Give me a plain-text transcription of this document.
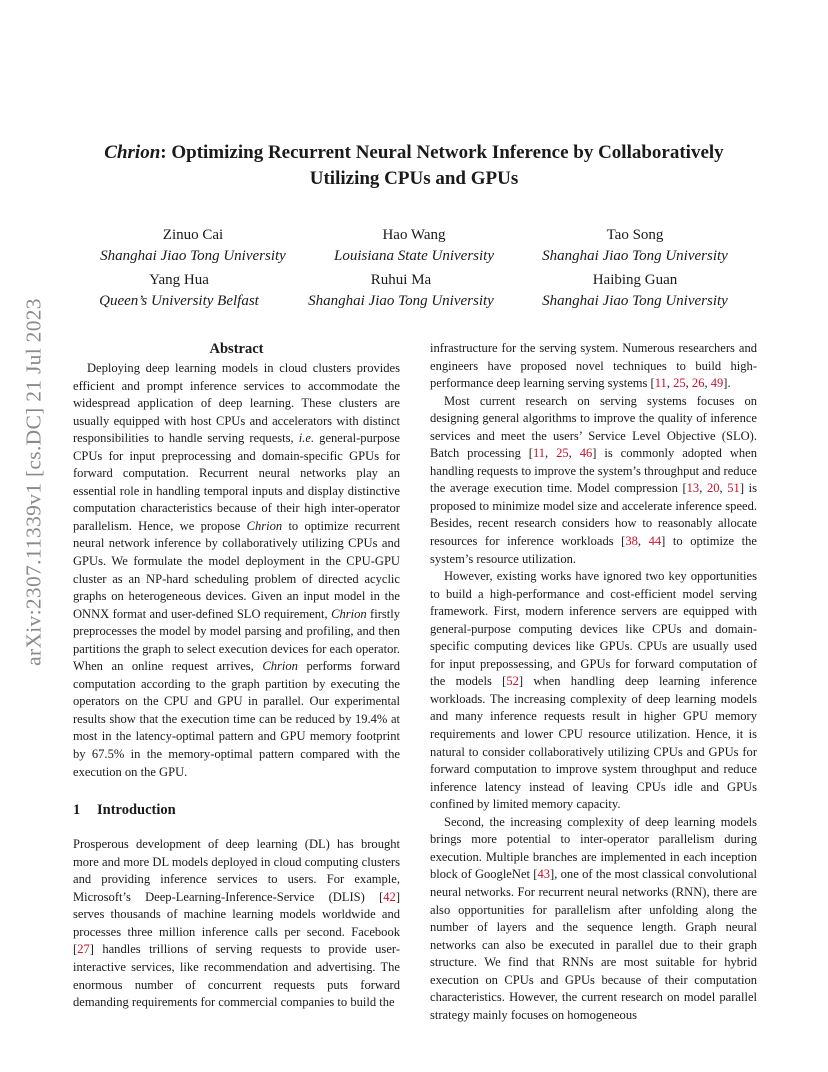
arXiv:2307.11339v1 [cs.DC] 21 Jul 2023
Chrion: Optimizing Recurrent Neural Network Inference by Collaboratively
Utilizing CPUs and GPUs
Zinuo Cai
Shanghai Jiao Tong University
Hao Wang
Louisiana State University
Tao Song
Shanghai Jiao Tong University
Yang Hua
Queen’s University Belfast
Ruhui Ma
Shanghai Jiao Tong University
Haibing Guan
Shanghai Jiao Tong University
Abstract

Deploying deep learning models in cloud clusters provides efficient and prompt inference services to accommodate the widespread application of deep learning. These clusters are usually equipped with host CPUs and accelerators with distinct responsibilities to handle serving requests, i.e. general-purpose CPUs for input preprocessing and domain-specific GPUs for forward computation. Recurrent neural networks play an essential role in handling temporal inputs and display distinctive computation characteristics because of their high inter-operator parallelism. Hence, we propose Chrion to optimize recurrent neural network inference by collaboratively utilizing CPUs and GPUs. We formulate the model deployment in the CPU-GPU cluster as an NP-hard scheduling problem of directed acyclic graphs on heterogeneous devices. Given an input model in the ONNX format and user-defined SLO requirement, Chrion firstly preprocesses the model by model parsing and profiling, and then partitions the graph to select execution devices for each operator. When an online request arrives, Chrion performs forward computation according to the graph partition by executing the operators on the CPU and GPU in parallel. Our experimental results show that the execution time can be reduced by 19.4% at most in the latency-optimal pattern and GPU memory footprint by 67.5% in the memory-optimal pattern compared with the execution on the GPU.

1 Introduction

Prosperous development of deep learning (DL) has brought more and more DL models deployed in cloud computing clusters and providing inference services to users. For example, Microsoft’s Deep-Learning-Inference-Service (DLIS) [42] serves thousands of machine learning models worldwide and processes three million inference calls per second. Facebook [27] handles trillions of serving requests to provide user-interactive services, like recommendation and advertising. The enormous number of concurrent requests puts forward demanding requirements for commercial companies to build the

infrastructure for the serving system. Numerous researchers and engineers have proposed novel techniques to build high-performance deep learning serving systems [11, 25, 26, 49].

Most current research on serving systems focuses on designing general algorithms to improve the quality of inference services and meet the users’ Service Level Objective (SLO). Batch processing [11, 25, 46] is commonly adopted when handling requests to improve the system’s throughput and reduce the average execution time. Model compression [13, 20, 51] is proposed to minimize model size and accelerate inference speed. Besides, recent research considers how to reasonably allocate resources for inference workloads [38, 44] to optimize the system’s resource utilization.

However, existing works have ignored two key opportunities to build a high-performance and cost-efficient model serving framework. First, modern inference servers are equipped with general-purpose computing devices like CPUs and domain-specific computing devices like GPUs. CPUs are usually used for input prepossessing, and GPUs for forward computation of the models [52] when handling deep learning inference workloads. The increasing complexity of deep learning models and many inference requests result in higher GPU memory requirements and lower CPU resource utilization. Hence, it is natural to consider collaboratively utilizing CPUs and GPUs for forward computation to improve system throughput and reduce inference latency instead of leaving CPUs idle and GPUs confined by limited memory capacity.

Second, the increasing complexity of deep learning models brings more potential to inter-operator parallelism during execution. Multiple branches are implemented in each inception block of GoogleNet [43], one of the most classical convolutional neural networks. For recurrent neural networks (RNN), there are also opportunities for parallelism after unfolding along the number of layers and the sequence length. Graph neural networks can also be executed in parallel due to their graph structure. We find that RNNs are most suitable for hybrid execution on CPUs and GPUs because of their computation characteristics. However, the current research on model parallel strategy mainly focuses on homogeneous
